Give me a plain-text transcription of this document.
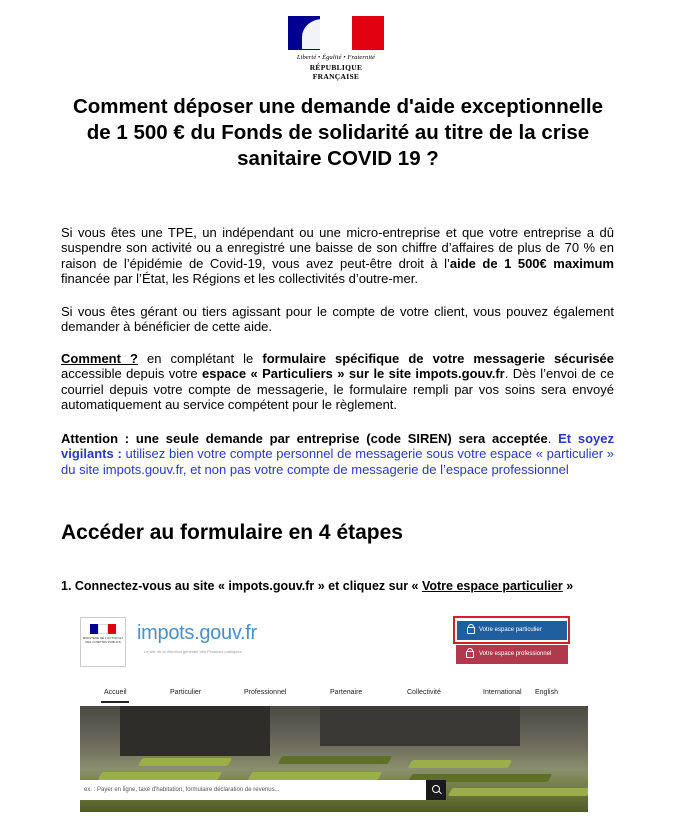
Liberté • Égalité • Fraternité
RÉPUBLIQUE FRANÇAISE
Comment déposer une demande d'aide exceptionnelle de 1 500 € du Fonds de solidarité au titre de la crise sanitaire COVID 19 ?

Si vous êtes une TPE, un indépendant ou une micro-entreprise et que votre entreprise a dû suspendre son activité ou a enregistré une baisse de son chiffre d’affaires de plus de 70 % en raison de l’épidémie de Covid-19, vous avez peut-être droit à l’aide de 1 500€ maximum financée par l’État, les Régions et les collectivités d’outre-mer.

Si vous êtes gérant ou tiers agissant pour le compte de votre client, vous pouvez également demander à bénéficier de cette aide.

Comment ? en complétant le formulaire spécifique de votre messagerie sécurisée accessible depuis votre espace « Particuliers » sur le site impots.gouv.fr. Dès l’envoi de ce courriel depuis votre compte de messagerie, le formulaire rempli par vos soins sera envoyé automatiquement au service compétent pour le règlement.

Attention : une seule demande par entreprise (code SIREN) sera acceptée. Et soyez vigilants : utilisez bien votre compte personnel de messagerie sous votre espace « particulier » du site impots.gouv.fr, et non pas votre compte de messagerie de l’espace professionnel

Accéder au formulaire en 4 étapes

1. Connectez-vous au site « impots.gouv.fr » et cliquez sur « Votre espace particulier »

MINISTÈRE DE L'ACTION ET DES COMPTES PUBLICS impots.gouv.fr
Le site de la direction générale des Finances publiques
Votre espace particulier
Votre espace professionnel
Accueil	Particulier	Professionnel	Partenaire	Collectivité	International English
ex. : Payer en ligne, taxe d'habitation, formulaire déclaration de revenus...
